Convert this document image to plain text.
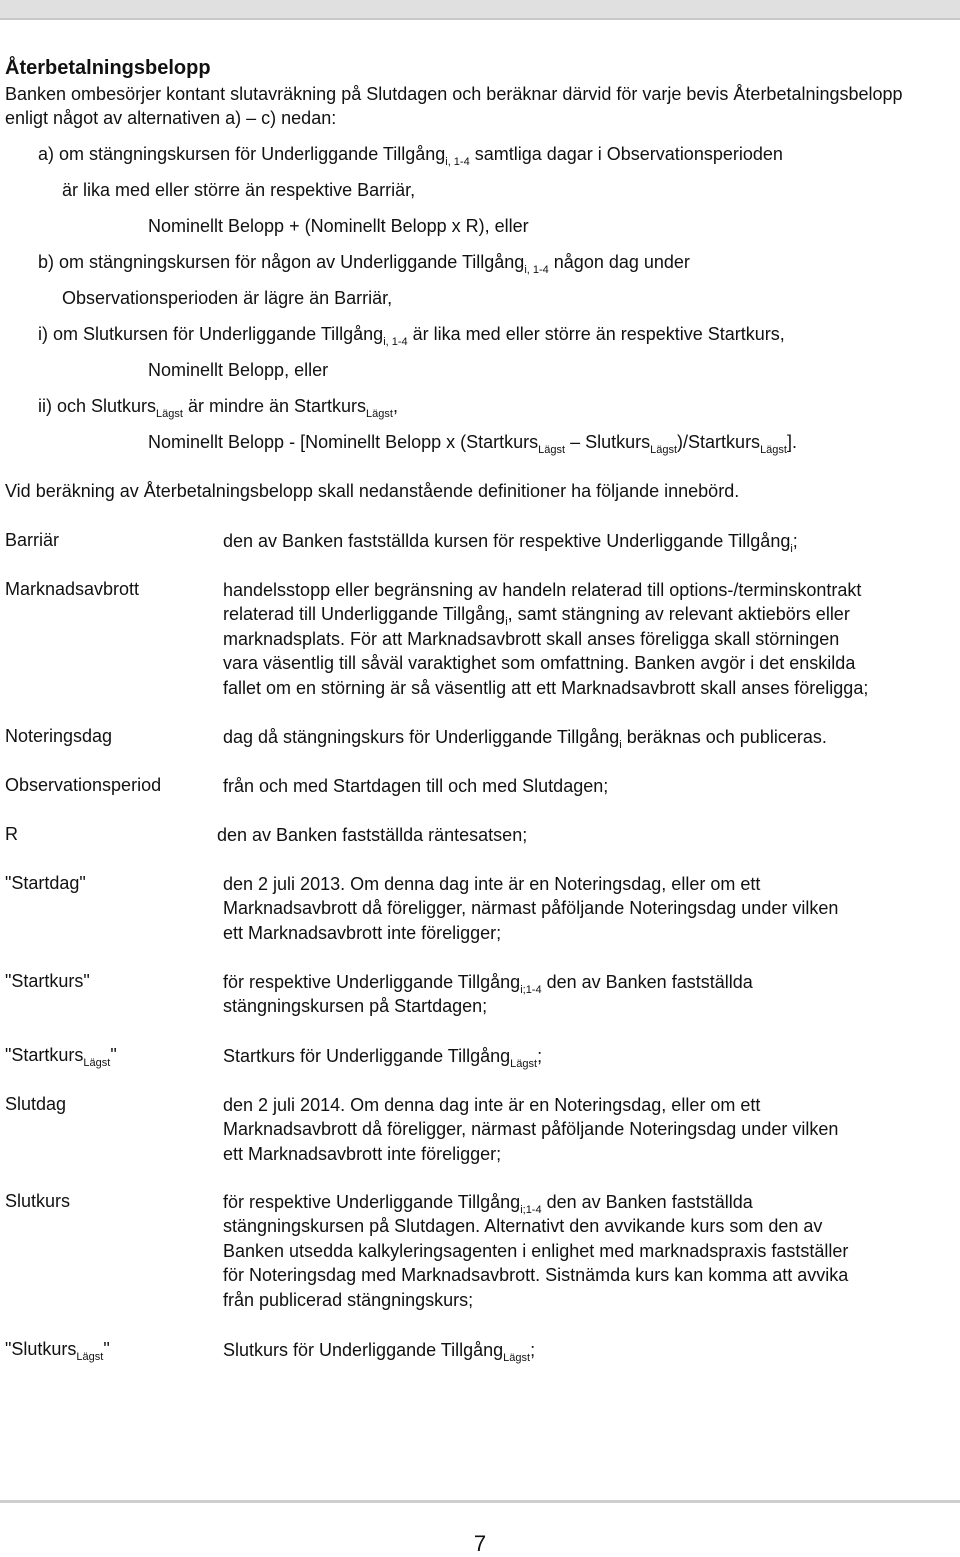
Återbetalningsbelopp
Banken ombesörjer kontant slutavräkning på Slutdagen och beräknar därvid för varje bevis Återbetalningsbelopp
enligt något av alternativen a) – c) nedan:
a) om stängningskursen för Underliggande Tillgång$_{i, 1-4}$ samtliga dagar i Observationsperioden
är lika med eller större än respektive Barriär,
Nominellt Belopp + (Nominellt Belopp x R), eller
b) om stängningskursen för någon av Underliggande Tillgång$_{i, 1-4}$ någon dag under
Observationsperioden är lägre än Barriär,
i) om Slutkursen för Underliggande Tillgång$_{i, 1-4}$ är lika med eller större än respektive Startkurs,
Nominellt Belopp, eller
ii) och Slutkurs$_{Lägst}$ är mindre än Startkurs$_{Lägst}$,
Nominellt Belopp - [Nominellt Belopp x (Startkurs$_{Lägst}$ – Slutkurs$_{Lägst}$)/Startkurs$_{Lägst}$].
Vid beräkning av Återbetalningsbelopp skall nedanstående definitioner ha följande innebörd.
Barriär	den av Banken fastställda kursen för respektive Underliggande Tillgång$_i$;
Marknadsavbrott	handelsstopp eller begränsning av handeln relaterad till options-/terminskontrakt
relaterad till Underliggande Tillgång$_i$, samt stängning av relevant aktiebörs eller
marknadsplats. För att Marknadsavbrott skall anses föreligga skall störningen
vara väsentlig till såväl varaktighet som omfattning. Banken avgör i det enskilda
fallet om en störning är så väsentlig att ett Marknadsavbrott skall anses föreligga;
Noteringsdag	dag då stängningskurs för Underliggande Tillgång$_i$ beräknas och publiceras.
Observationsperiod	från och med Startdagen till och med Slutdagen;
R	den av Banken fastställda räntesatsen;
"Startdag"	den 2 juli 2013. Om denna dag inte är en Noteringsdag, eller om ett
Marknadsavbrott då föreligger, närmast påföljande Noteringsdag under vilken
ett Marknadsavbrott inte föreligger;
"Startkurs"	för respektive Underliggande Tillgång$_{i;1-4}$ den av Banken fastställda
stängningskursen på Startdagen;
"Startkurs$_{Lägst}$"	Startkurs för Underliggande Tillgång$_{Lägst}$;
Slutdag	den 2 juli 2014. Om denna dag inte är en Noteringsdag, eller om ett
Marknadsavbrott då föreligger, närmast påföljande Noteringsdag under vilken
ett Marknadsavbrott inte föreligger;
Slutkurs	för respektive Underliggande Tillgång$_{i;1-4}$ den av Banken fastställda
stängningskursen på Slutdagen. Alternativt den avvikande kurs som den av
Banken utsedda kalkyleringsagenten i enlighet med marknadspraxis fastställer
för Noteringsdag med Marknadsavbrott. Sistnämda kurs kan komma att avvika
från publicerad stängningskurs;
"Slutkurs$_{Lägst}$"	Slutkurs för Underliggande Tillgång$_{Lägst}$;
7
